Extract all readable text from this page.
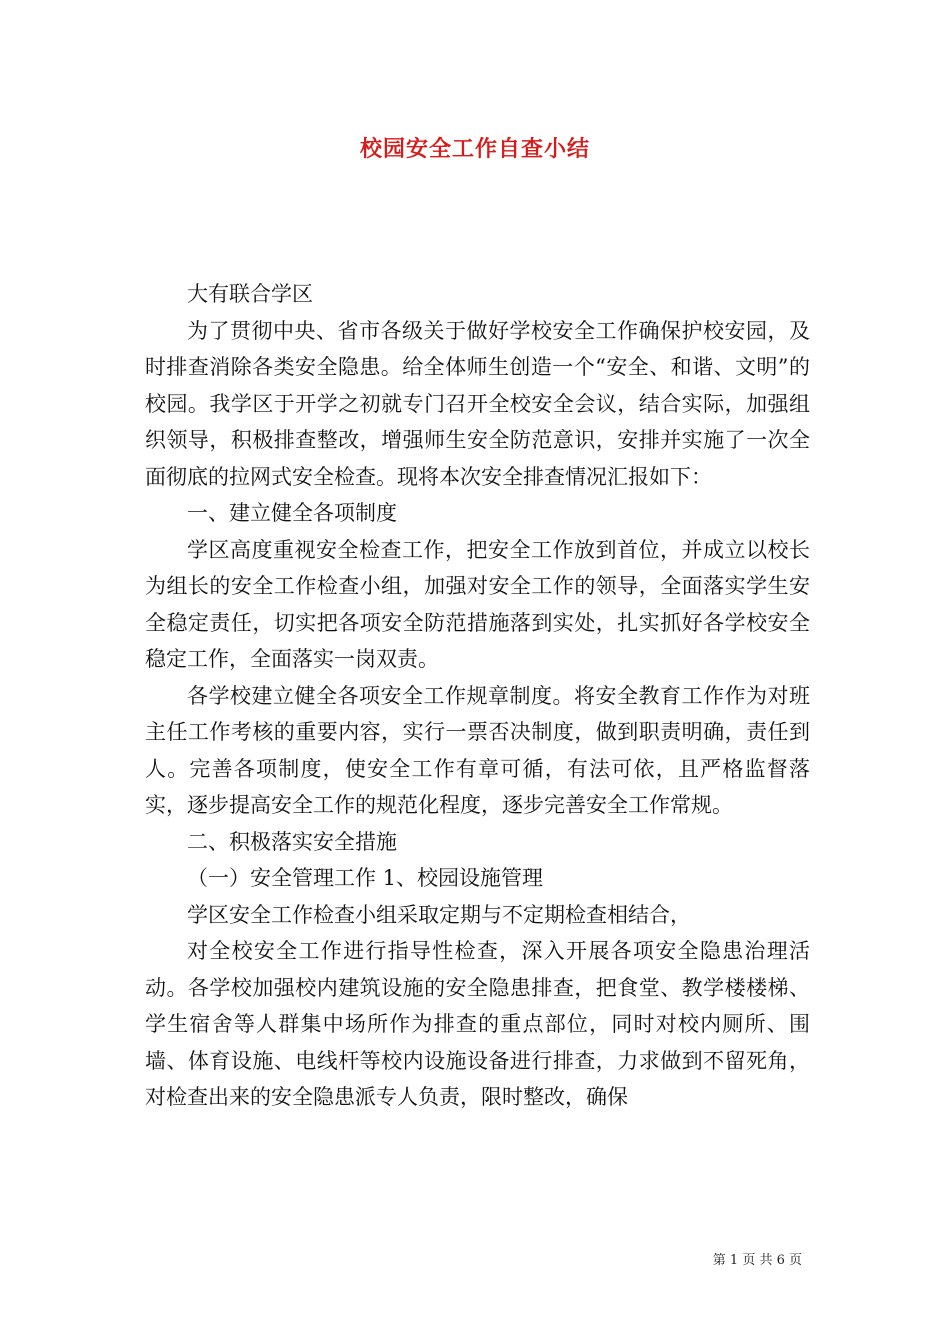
校园安全工作自查小结

大有联合学区

为了贯彻中央、省市各级关于做好学校安全工作确保护校安园，及时排查消除各类安全隐患。给全体师生创造一个“安全、和谐、文明”的校园。我学区于开学之初就专门召开全校安全会议，结合实际，加强组织领导，积极排查整改，增强师生安全防范意识，安排并实施了一次全面彻底的拉网式安全检查。现将本次安全排查情况汇报如下：

一、建立健全各项制度

学区高度重视安全检查工作，把安全工作放到首位，并成立以校长为组长的安全工作检查小组，加强对安全工作的领导，全面落实学生安全稳定责任，切实把各项安全防范措施落到实处，扎实抓好各学校安全稳定工作，全面落实一岗双责。

各学校建立健全各项安全工作规章制度。将安全教育工作作为对班主任工作考核的重要内容，实行一票否决制度，做到职责明确，责任到人。完善各项制度，使安全工作有章可循，有法可依，且严格监督落实，逐步提高安全工作的规范化程度，逐步完善安全工作常规。

二、积极落实安全措施

（一）安全管理工作 1、校园设施管理

学区安全工作检查小组采取定期与不定期检查相结合，

对全校安全工作进行指导性检查，深入开展各项安全隐患治理活动。各学校加强校内建筑设施的安全隐患排查，把食堂、教学楼楼梯、学生宿舍等人群集中场所作为排查的重点部位，同时对校内厕所、围墙、体育设施、电线杆等校内设施设备进行排查，力求做到不留死角，对检查出来的安全隐患派专人负责，限时整改，确保

第 1 页 共 6 页
